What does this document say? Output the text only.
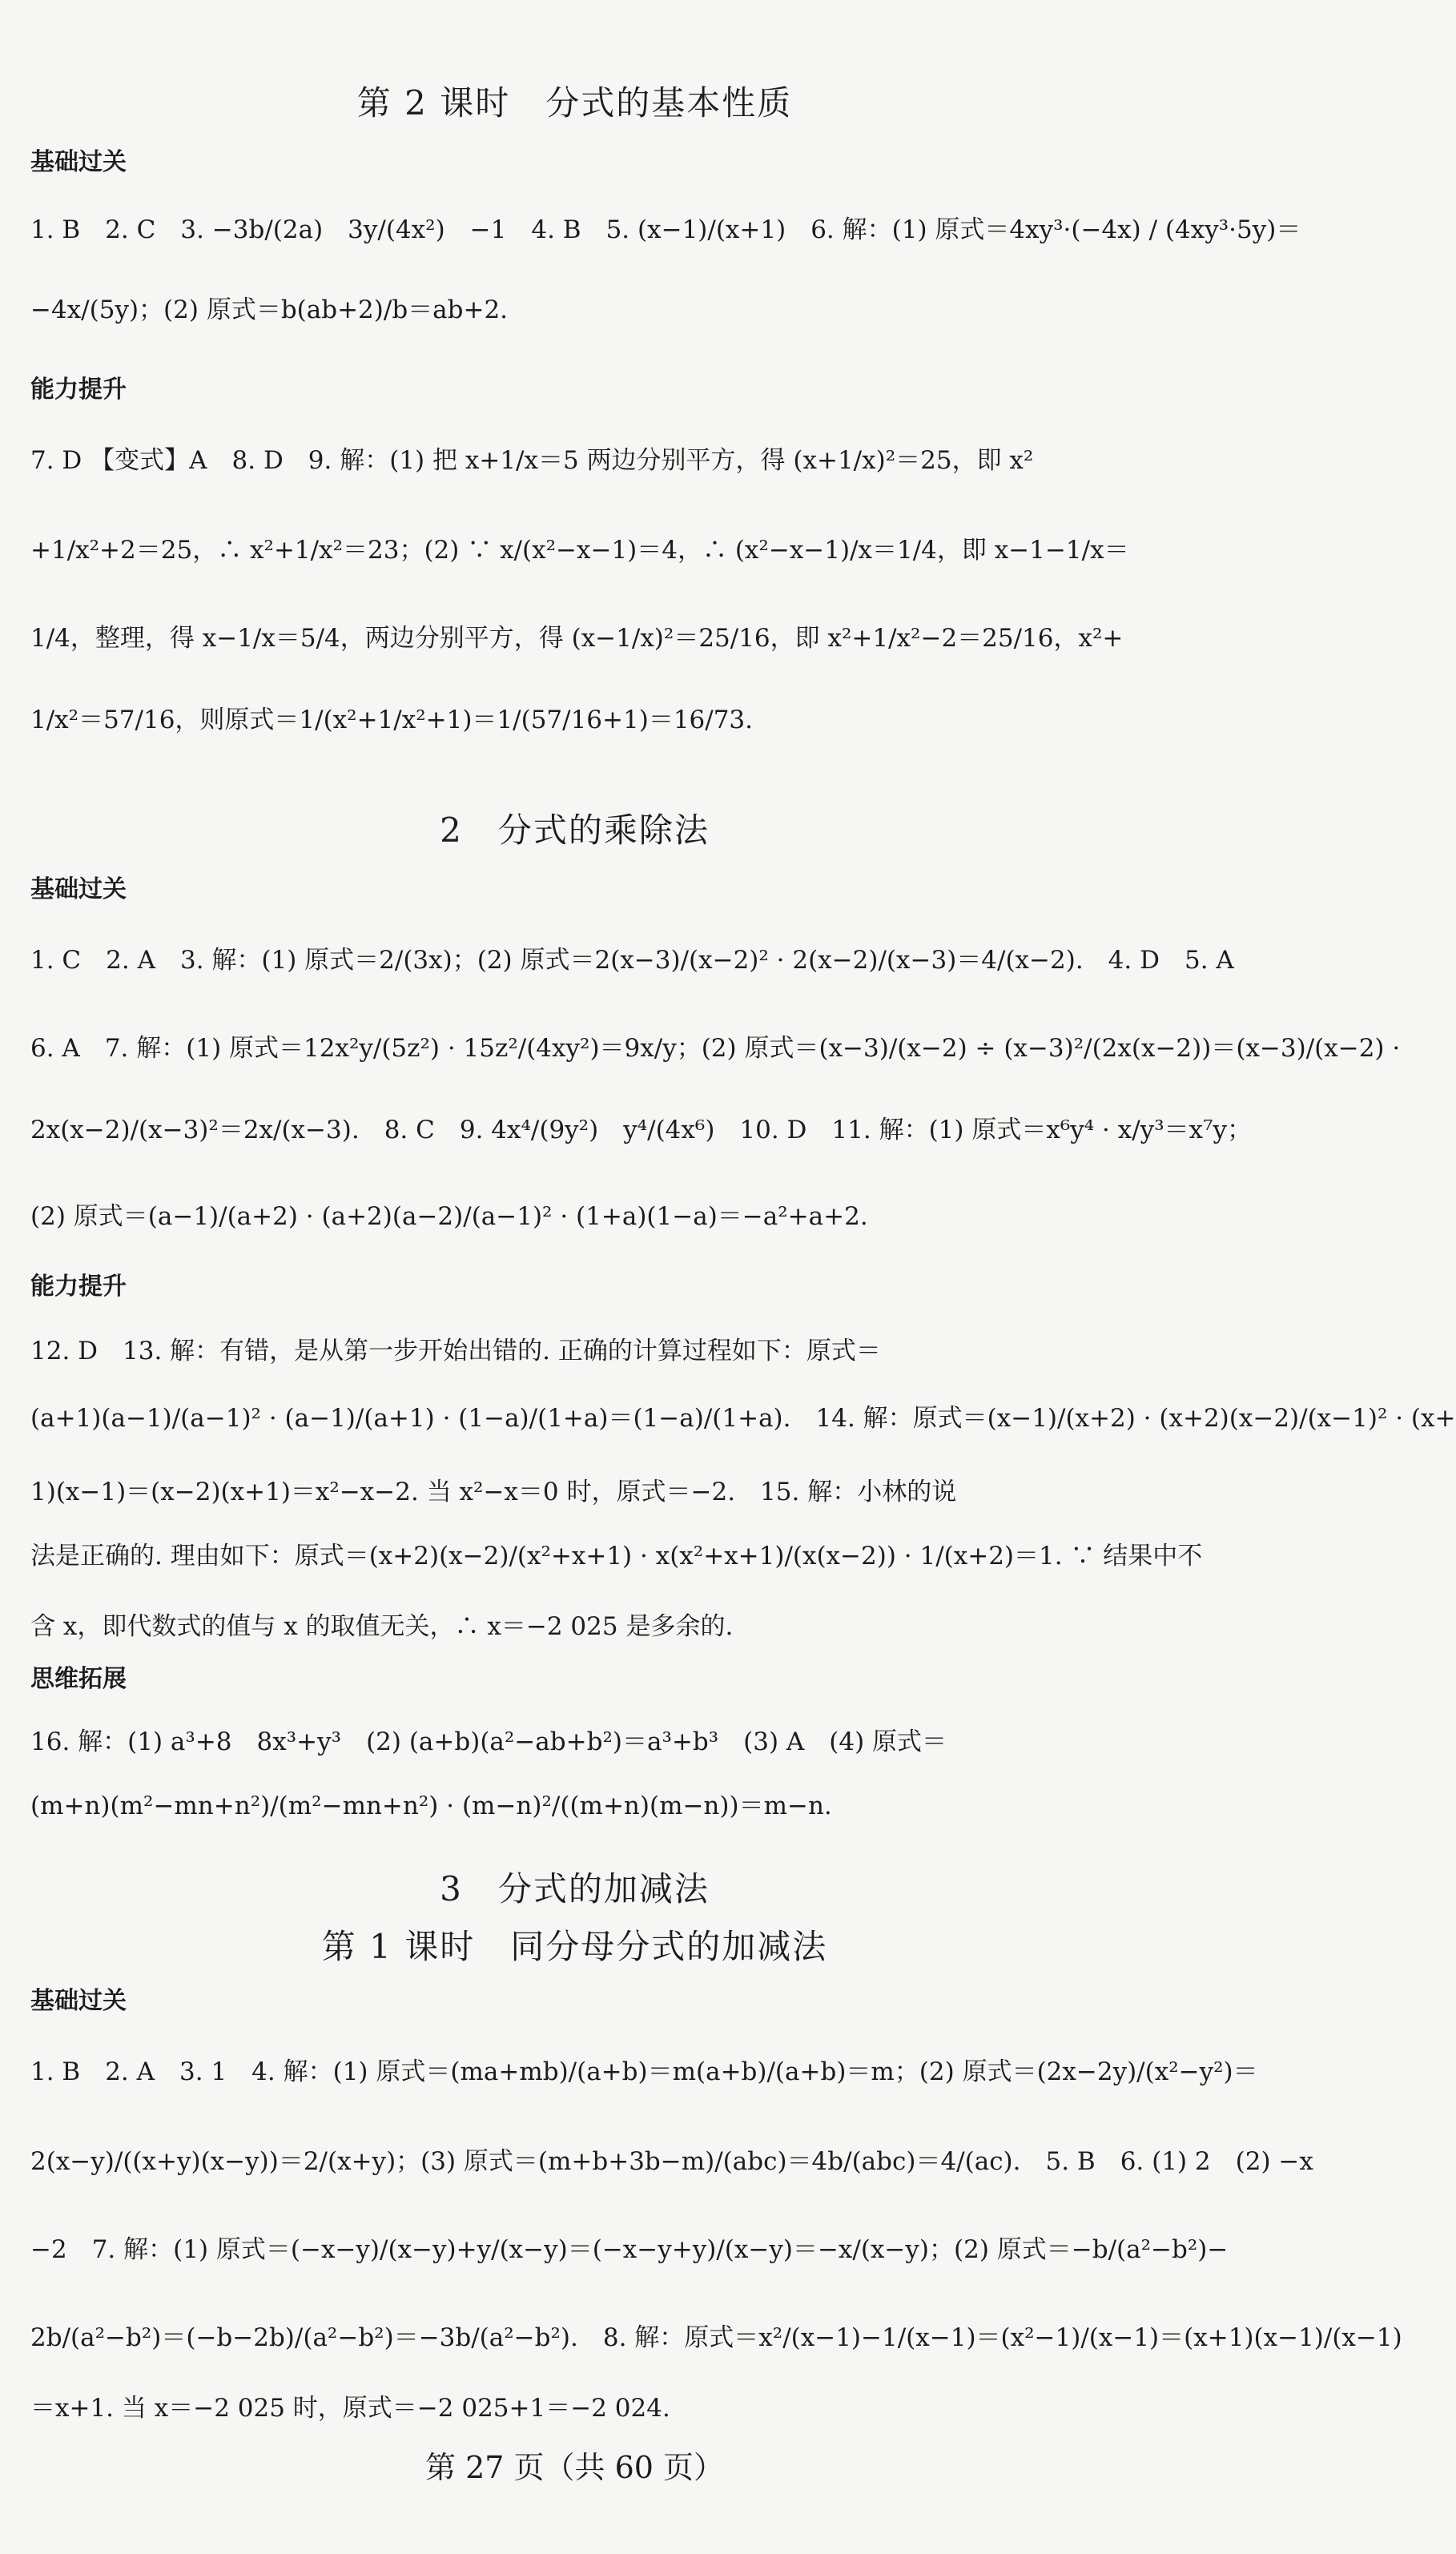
第 2 课时　分式的基本性质
基础过关
1. B　2. C　3. −3b/(2a)　3y/(4x²)　−1　4. B　5. (x−1)/(x+1)　6. 解：(1) 原式＝4xy³·(−4x) / (4xy³·5y)＝
−4x/(5y)；(2) 原式＝b(ab+2)/b＝ab+2.
能力提升
7. D 【变式】A　8. D　9. 解：(1) 把 x+1/x＝5 两边分别平方，得 (x+1/x)²＝25，即 x²
+1/x²+2＝25，∴ x²+1/x²＝23；(2) ∵ x/(x²−x−1)＝4，∴ (x²−x−1)/x＝1/4，即 x−1−1/x＝
1/4，整理，得 x−1/x＝5/4，两边分别平方，得 (x−1/x)²＝25/16，即 x²+1/x²−2＝25/16，x²+
1/x²＝57/16，则原式＝1/(x²+1/x²+1)＝1/(57/16+1)＝16/73.
2　分式的乘除法
基础过关
1. C　2. A　3. 解：(1) 原式＝2/(3x)；(2) 原式＝2(x−3)/(x−2)² · 2(x−2)/(x−3)＝4/(x−2).　4. D　5. A
6. A　7. 解：(1) 原式＝12x²y/(5z²) · 15z²/(4xy²)＝9x/y；(2) 原式＝(x−3)/(x−2) ÷ (x−3)²/(2x(x−2))＝(x−3)/(x−2) ·
2x(x−2)/(x−3)²＝2x/(x−3).　8. C　9. 4x⁴/(9y²)　y⁴/(4x⁶)　10. D　11. 解：(1) 原式＝x⁶y⁴ · x/y³＝x⁷y；
(2) 原式＝(a−1)/(a+2) · (a+2)(a−2)/(a−1)² · (1+a)(1−a)＝−a²+a+2.
能力提升
12. D　13. 解：有错，是从第一步开始出错的. 正确的计算过程如下：原式＝
(a+1)(a−1)/(a−1)² · (a−1)/(a+1) · (1−a)/(1+a)＝(1−a)/(1+a).　14. 解：原式＝(x−1)/(x+2) · (x+2)(x−2)/(x−1)² · (x+
1)(x−1)＝(x−2)(x+1)＝x²−x−2. 当 x²−x＝0 时，原式＝−2.　15. 解：小林的说
法是正确的. 理由如下：原式＝(x+2)(x−2)/(x²+x+1) · x(x²+x+1)/(x(x−2)) · 1/(x+2)＝1. ∵ 结果中不
含 x，即代数式的值与 x 的取值无关，∴ x＝−2 025 是多余的.
思维拓展
16. 解：(1) a³+8　8x³+y³　(2) (a+b)(a²−ab+b²)＝a³+b³　(3) A　(4) 原式＝
(m+n)(m²−mn+n²)/(m²−mn+n²) · (m−n)²/((m+n)(m−n))＝m−n.
3　分式的加减法
第 1 课时　同分母分式的加减法
基础过关
1. B　2. A　3. 1　4. 解：(1) 原式＝(ma+mb)/(a+b)＝m(a+b)/(a+b)＝m；(2) 原式＝(2x−2y)/(x²−y²)＝
2(x−y)/((x+y)(x−y))＝2/(x+y)；(3) 原式＝(m+b+3b−m)/(abc)＝4b/(abc)＝4/(ac).　5. B　6. (1) 2　(2) −x
−2　7. 解：(1) 原式＝(−x−y)/(x−y)+y/(x−y)＝(−x−y+y)/(x−y)＝−x/(x−y)；(2) 原式＝−b/(a²−b²)−
2b/(a²−b²)＝(−b−2b)/(a²−b²)＝−3b/(a²−b²).　8. 解：原式＝x²/(x−1)−1/(x−1)＝(x²−1)/(x−1)＝(x+1)(x−1)/(x−1)
＝x+1. 当 x＝−2 025 时，原式＝−2 025+1＝−2 024.
第 27 页（共 60 页）
